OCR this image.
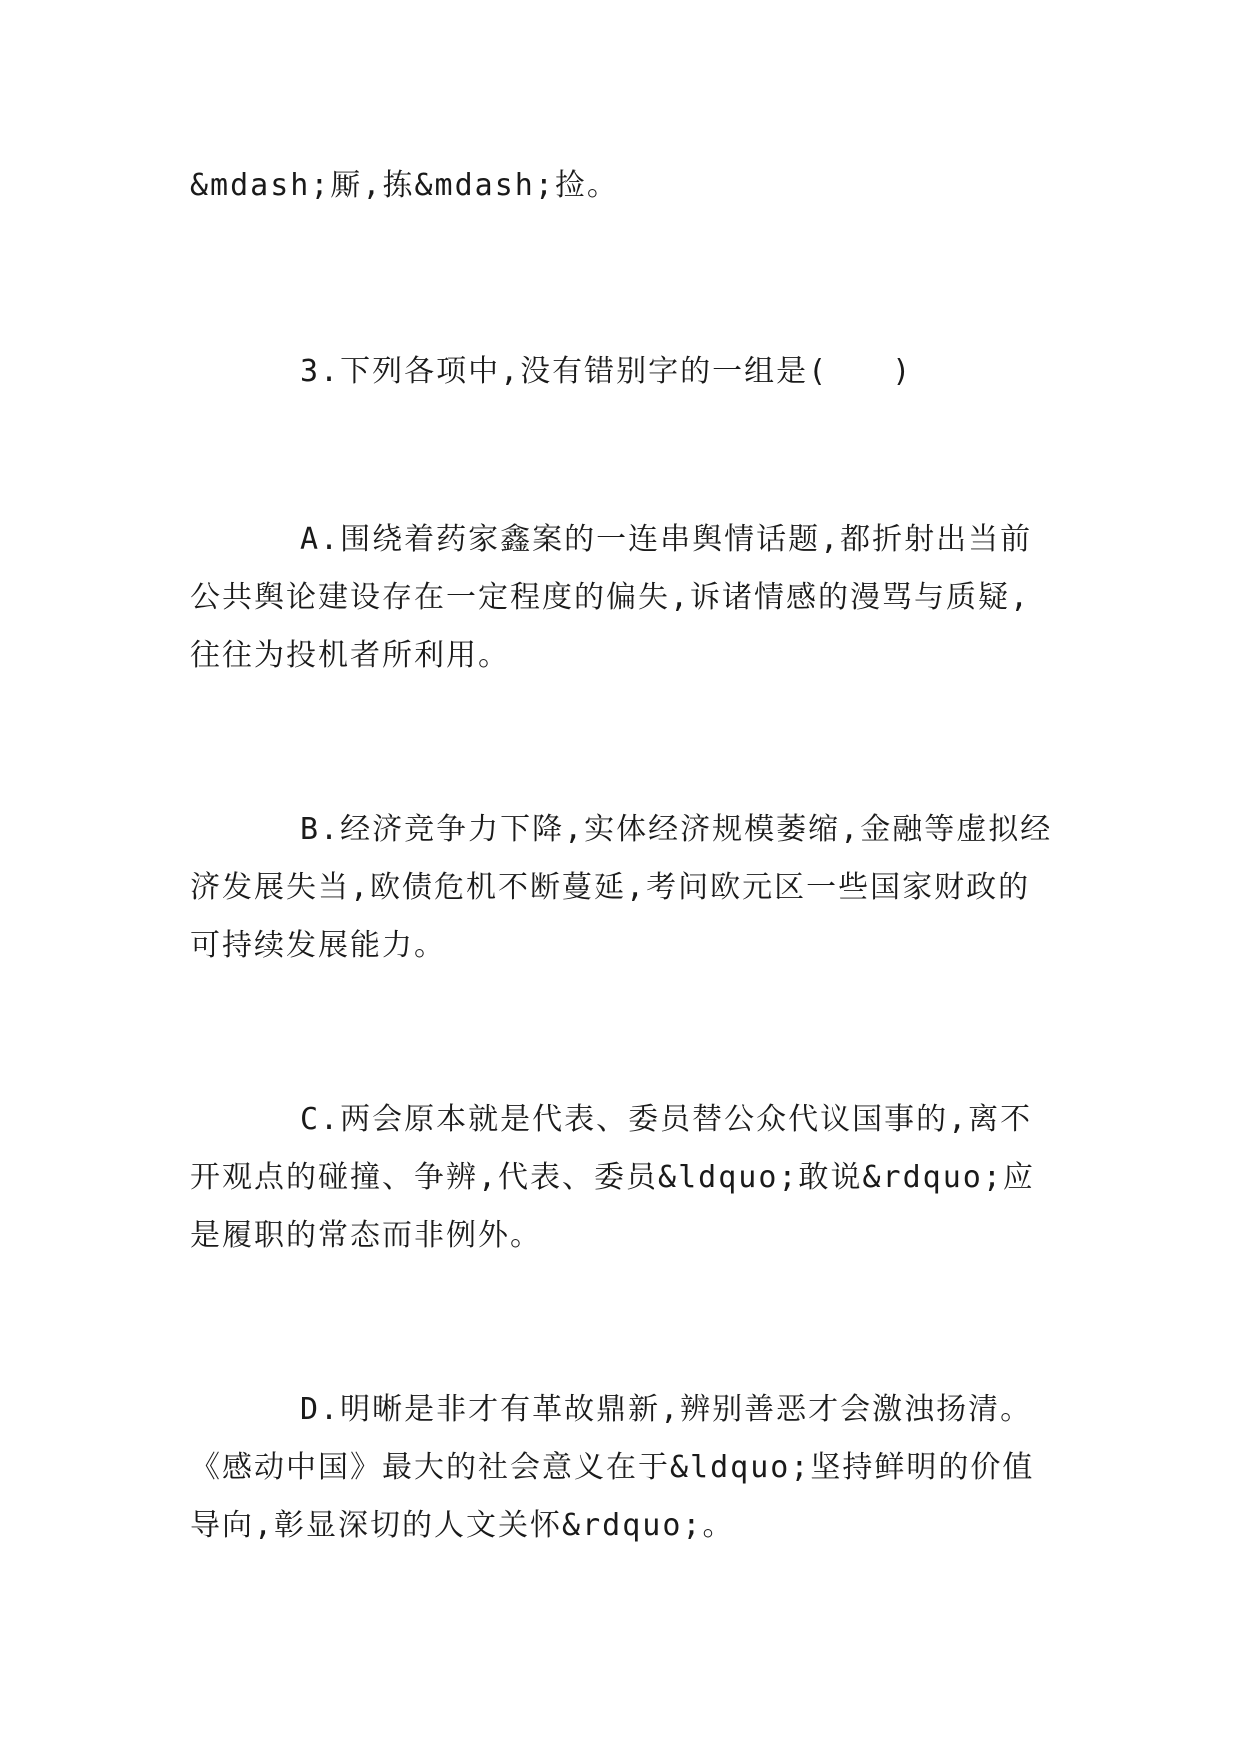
&mdash;厮,拣&mdash;捡。

3.下列各项中,没有错别字的一组是(　　)

A.围绕着药家鑫案的一连串舆情话题,都折射出当前公共舆论建设存在一定程度的偏失,诉诸情感的漫骂与质疑,往往为投机者所利用。

B.经济竞争力下降,实体经济规模萎缩,金融等虚拟经济发展失当,欧债危机不断蔓延,考问欧元区一些国家财政的可持续发展能力。

C.两会原本就是代表、委员替公众代议国事的,离不开观点的碰撞、争辨,代表、委员&ldquo;敢说&rdquo;应是履职的常态而非例外。

D.明晰是非才有革故鼎新,辨别善恶才会激浊扬清。《感动中国》最大的社会意义在于&ldquo;坚持鲜明的价值导向,彰显深切的人文关怀&rdquo;。
